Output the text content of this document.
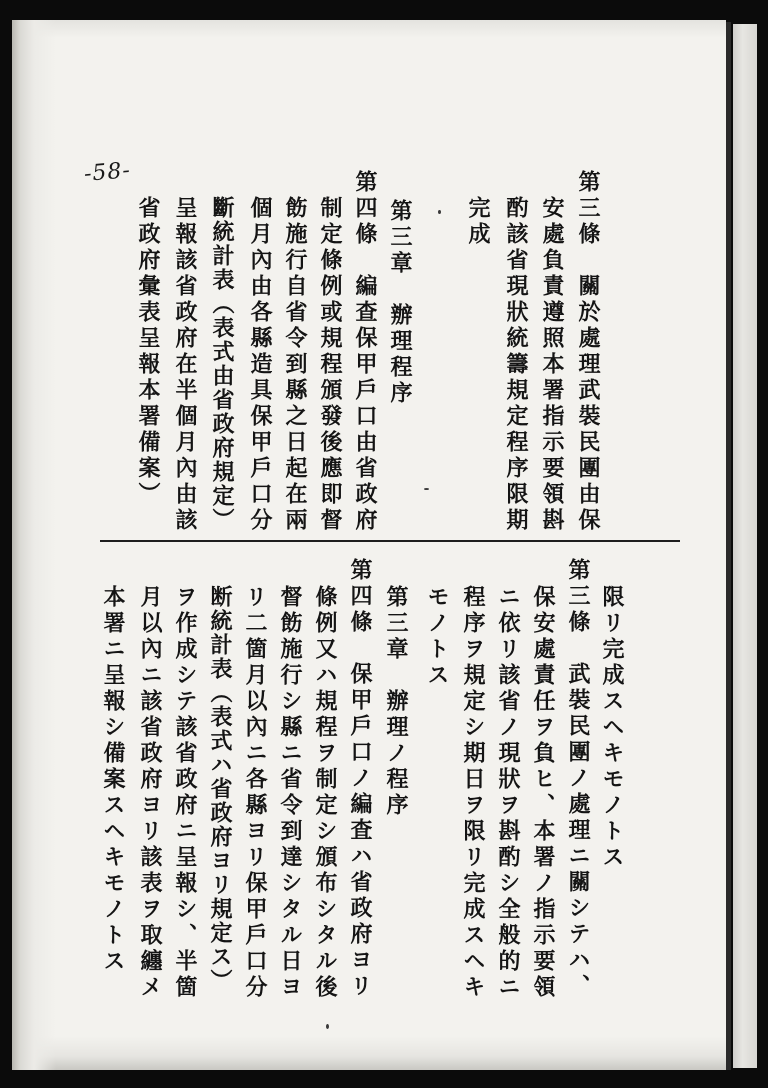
-58-	第三條　關於處理武裝民團由保
安處負責遵照本署指示要領斟
酌該省現狀統籌規定程序限期
完成
第三章　辦理程序
第四條　編查保甲戶口由省政府
制定條例或規程頒發後應即督
飭施行自省令到縣之日起在兩
個月內由各縣造具保甲戶口分
斷統計表（表式由省政府規定）
呈報該省政府在半個月內由該
省政府彙表呈報本署備案）
限リ完成スヘキモノトス
第三條　武裝民團ノ處理ニ關シテハ、
保安處責任ヲ負ヒ、本署ノ指示要領
ニ依リ該省ノ現狀ヲ斟酌シ全般的ニ
程序ヲ規定シ期日ヲ限リ完成スヘキ
モノトス
第三章　辦理ノ程序
第四條　保甲戶口ノ編査ハ省政府ヨリ
條例又ハ規程ヲ制定シ頒布シタル後
督飭施行シ縣ニ省令到達シタル日ヨ
リ二箇月以內ニ各縣ヨリ保甲戶口分
断統計表（表式ハ省政府ヨリ規定ス）
ヲ作成シテ該省政府ニ呈報シ、半箇
月以內ニ該省政府ヨリ該表ヲ取纏メ
本署ニ呈報シ備案スヘキモノトス
